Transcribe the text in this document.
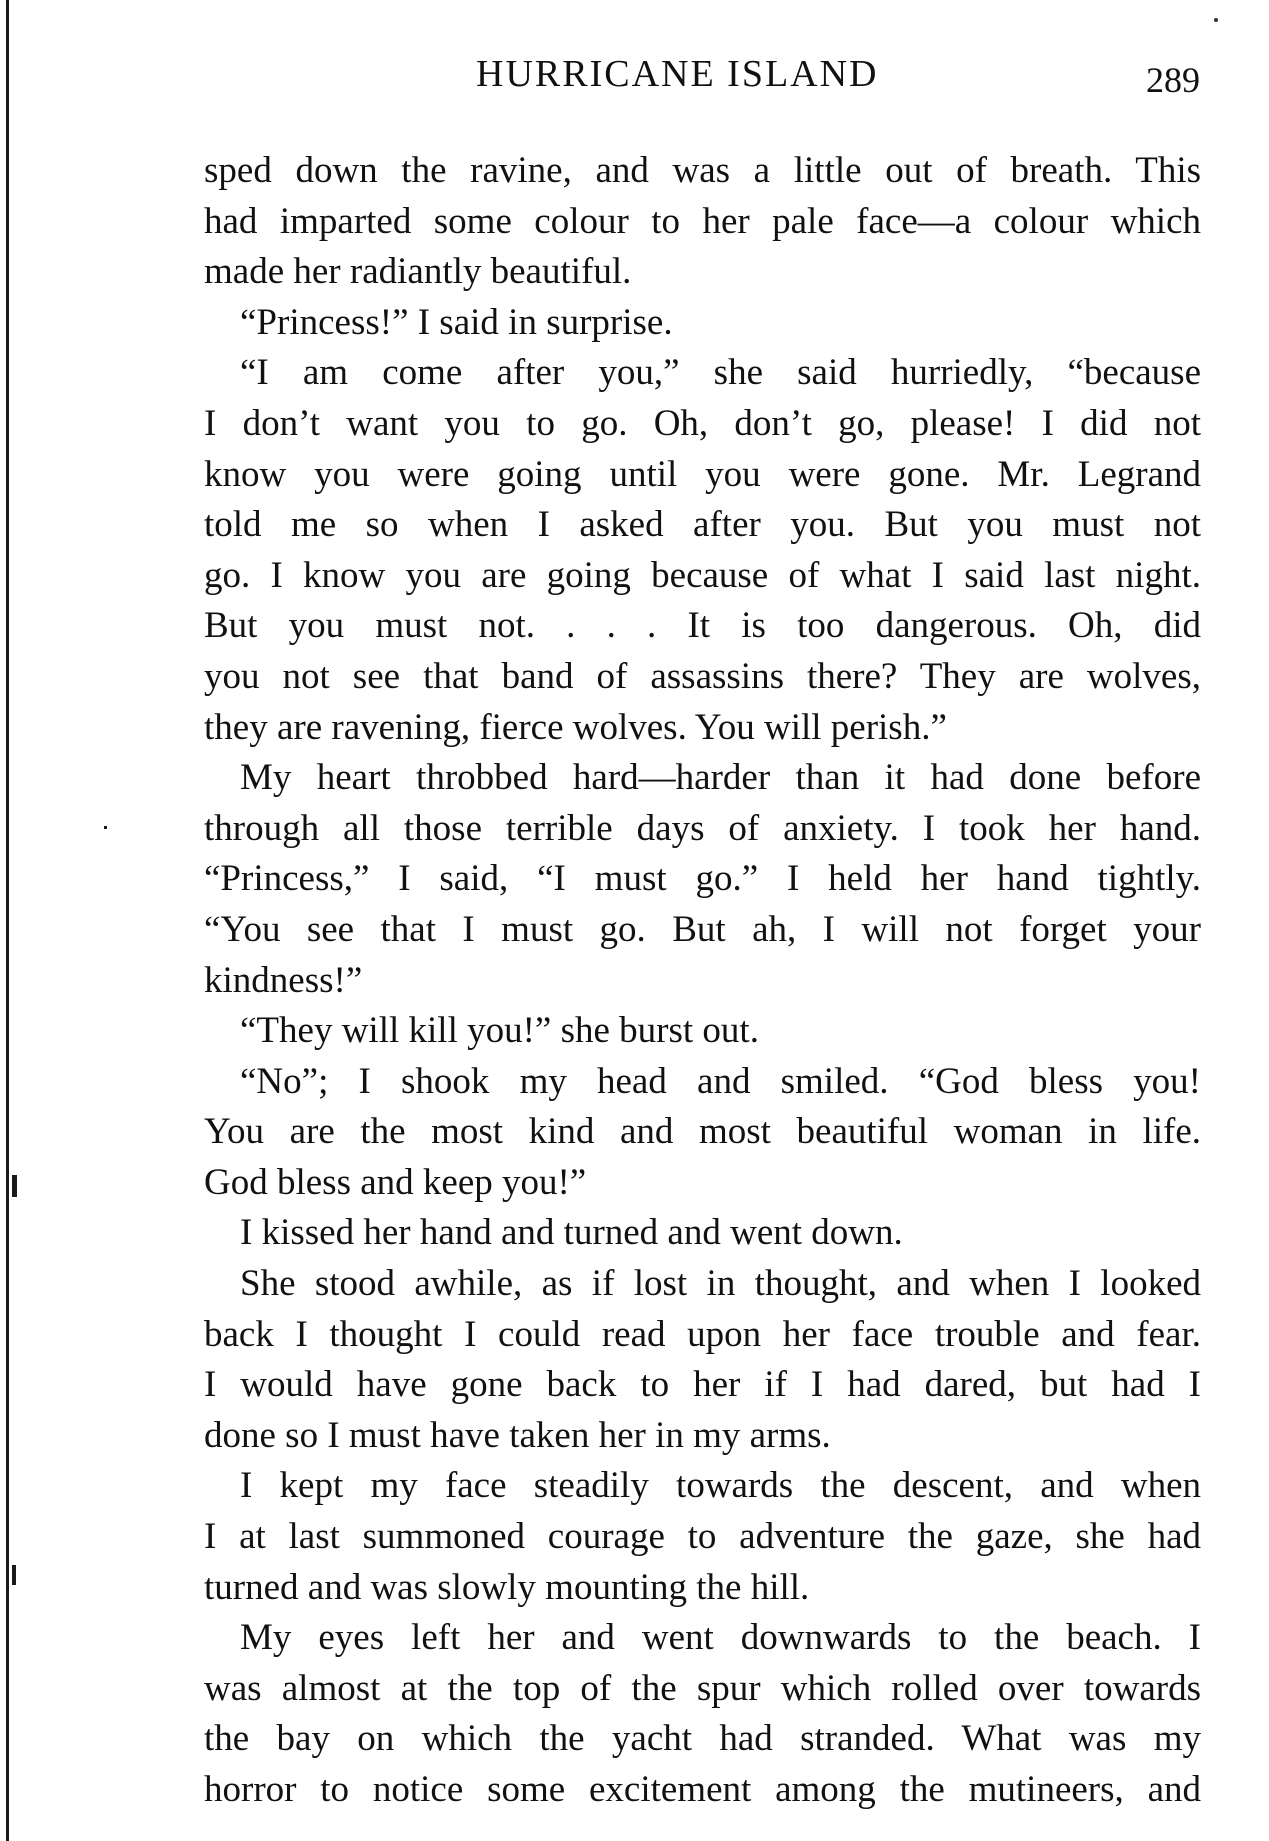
HURRICANE ISLAND	289
sped down the ravine, and was a little out of breath. This
had imparted some colour to her pale face—a colour which
made her radiantly beautiful.
“Princess!” I said in surprise.
“I am come after you,” she said hurriedly, “because
I don’t want you to go. Oh, don’t go, please! I did not
know you were going until you were gone. Mr. Legrand
told me so when I asked after you. But you must not
go. I know you are going because of what I said last night.
But you must not. . . . It is too dangerous. Oh, did
you not see that band of assassins there? They are wolves,
they are ravening, fierce wolves. You will perish.”
My heart throbbed hard—harder than it had done before
through all those terrible days of anxiety. I took her hand.
“Princess,” I said, “I must go.” I held her hand tightly.
“You see that I must go. But ah, I will not forget your
kindness!”
“They will kill you!” she burst out.
“No”; I shook my head and smiled. “God bless you!
You are the most kind and most beautiful woman in life.
God bless and keep you!”
I kissed her hand and turned and went down.
She stood awhile, as if lost in thought, and when I looked
back I thought I could read upon her face trouble and fear.
I would have gone back to her if I had dared, but had I
done so I must have taken her in my arms.
I kept my face steadily towards the descent, and when
I at last summoned courage to adventure the gaze, she had
turned and was slowly mounting the hill.
My eyes left her and went downwards to the beach. I
was almost at the top of the spur which rolled over towards
the bay on which the yacht had stranded. What was my
horror to notice some excitement among the mutineers, and
